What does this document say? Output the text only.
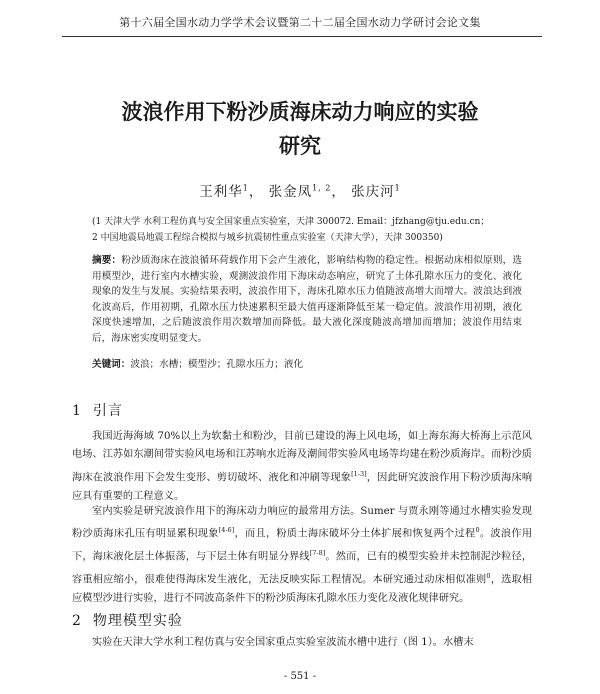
第十六届全国水动力学学术会议暨第二十二届全国水动力学研讨会论文集
波浪作用下粉沙质海床动力响应的实验
研究
王利华$^1$， 张金凤$^{1, 2}$， 张庆河$^1$
(1 天津大学 水利工程仿真与安全国家重点实验室，天津 300072. Email：jfzhang@tju.edu.cn；
2 中国地震局地震工程综合模拟与城乡抗震韧性重点实验室（天津大学），天津 300350)
摘要：粉沙质海床在波浪循环荷载作用下会产生液化，影响结构物的稳定性。根据动床相似原则，选用模型沙，进行室内水槽实验，观测波浪作用下海床动态响应，研究了土体孔隙水压力的变化、液化现象的发生与发展。实验结果表明，波浪作用下，海床孔隙水压力值随波高增大而增大。波浪达到液化波高后，作用初期，孔隙水压力快速累积至最大值再逐渐降低至某一稳定值。波浪作用初期，液化深度快速增加，之后随波浪作用次数增加而降低。最大液化深度随波高增加而增加；波浪作用结束后，海床密实度明显变大。
关键词：波浪；水槽；模型沙；孔隙水压力；液化
1 引言
我国近海海域 70%以上为软黏土和粉沙，目前已建设的海上风电场，如上海东海大桥海上示范风电场、江苏如东潮间带实验风电场和江苏响水近海及潮间带实验风电场等均建在粉沙质海岸。而粉沙质海床在波浪作用下会发生变形、剪切破坏、液化和冲刷等现象[1-3]，因此研究波浪作用下粉沙质海床响应具有重要的工程意义。
室内实验是研究波浪作用下的海床动力响应的最常用方法。Sumer 与贾永刚等通过水槽实验发现粉沙质海床孔压有明显累积现象[4-6]，而且，粉质土海床破坏分土体扩展和恢复两个过程$^0$。波浪作用下，海床液化层土体振荡，与下层土体有明显分界线[7-8]。然而，已有的模型实验并未控制泥沙粒径，容重相应缩小，很难使得海床发生液化，无法反映实际工程情况。本研究通过动床相似准则$^0$，选取相应模型沙进行实验，进行不同波高条件下的粉沙质海床孔隙水压力变化及液化规律研究。
2 物理模型实验
实验在天津大学水利工程仿真与安全国家重点实验室波流水槽中进行（图 1）。水槽末
- 551 -
